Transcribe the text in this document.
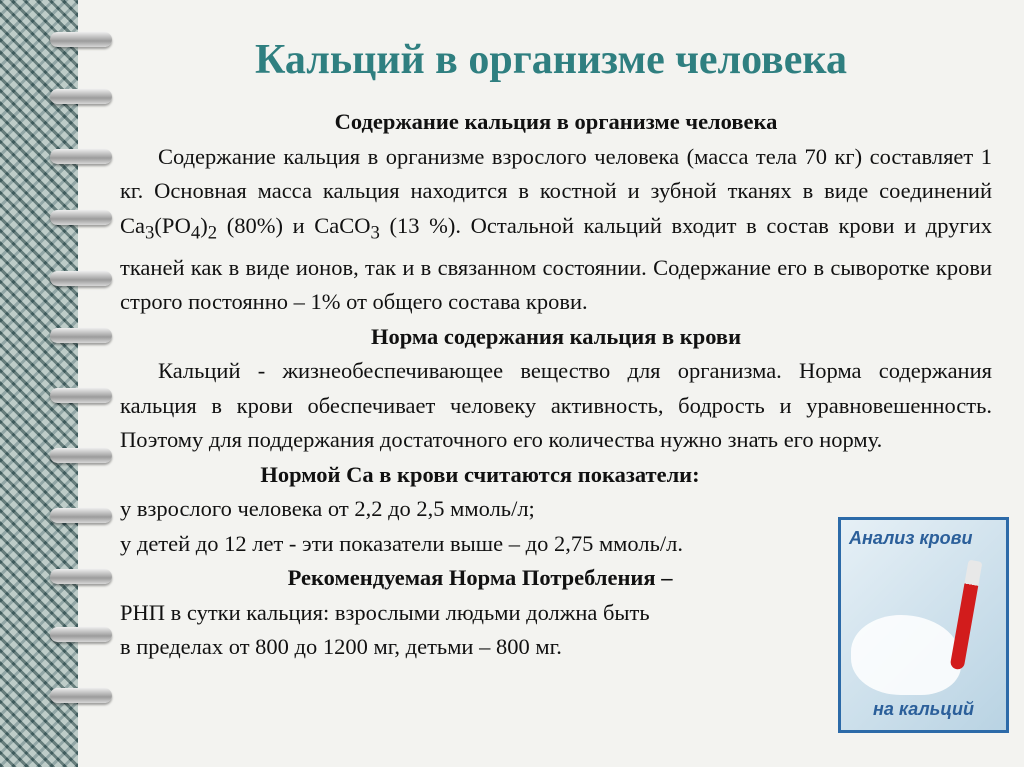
Кальций в организме человека

Содержание кальция в организме человека

Содержание кальция в организме взрослого человека (масса тела 70 кг) составляет 1 кг. Основная масса кальция находится в костной и зубной тканях в виде соединений $Са_3(РО_4)_2$ (80%) и CaCO$_3$ (13 %). Остальной кальций входит в состав крови и других тканей как в виде ионов, так и в связанном состоянии. Содержание его в сыворотке крови строго постоянно – 1% от общего состава крови.

Норма содержания кальция в крови

Кальций - жизнеобеспечивающее вещество для организма. Норма содержания кальция в крови обеспечивает человеку активность, бодрость и уравновешенность. Поэтому для поддержания достаточного его количества нужно знать его норму.

Нормой Са в крови считаются показатели:

у взрослого человека от 2,2 до 2,5 ммоль/л;

у детей до 12 лет - эти показатели выше – до 2,75 ммоль/л.

Рекомендуемая Норма Потребления –

РНП в сутки кальция: взрослыми людьми должна быть

в пределах от 800 до 1200 мг, детьми – 800 мг.

Анализ крови
на кальций
